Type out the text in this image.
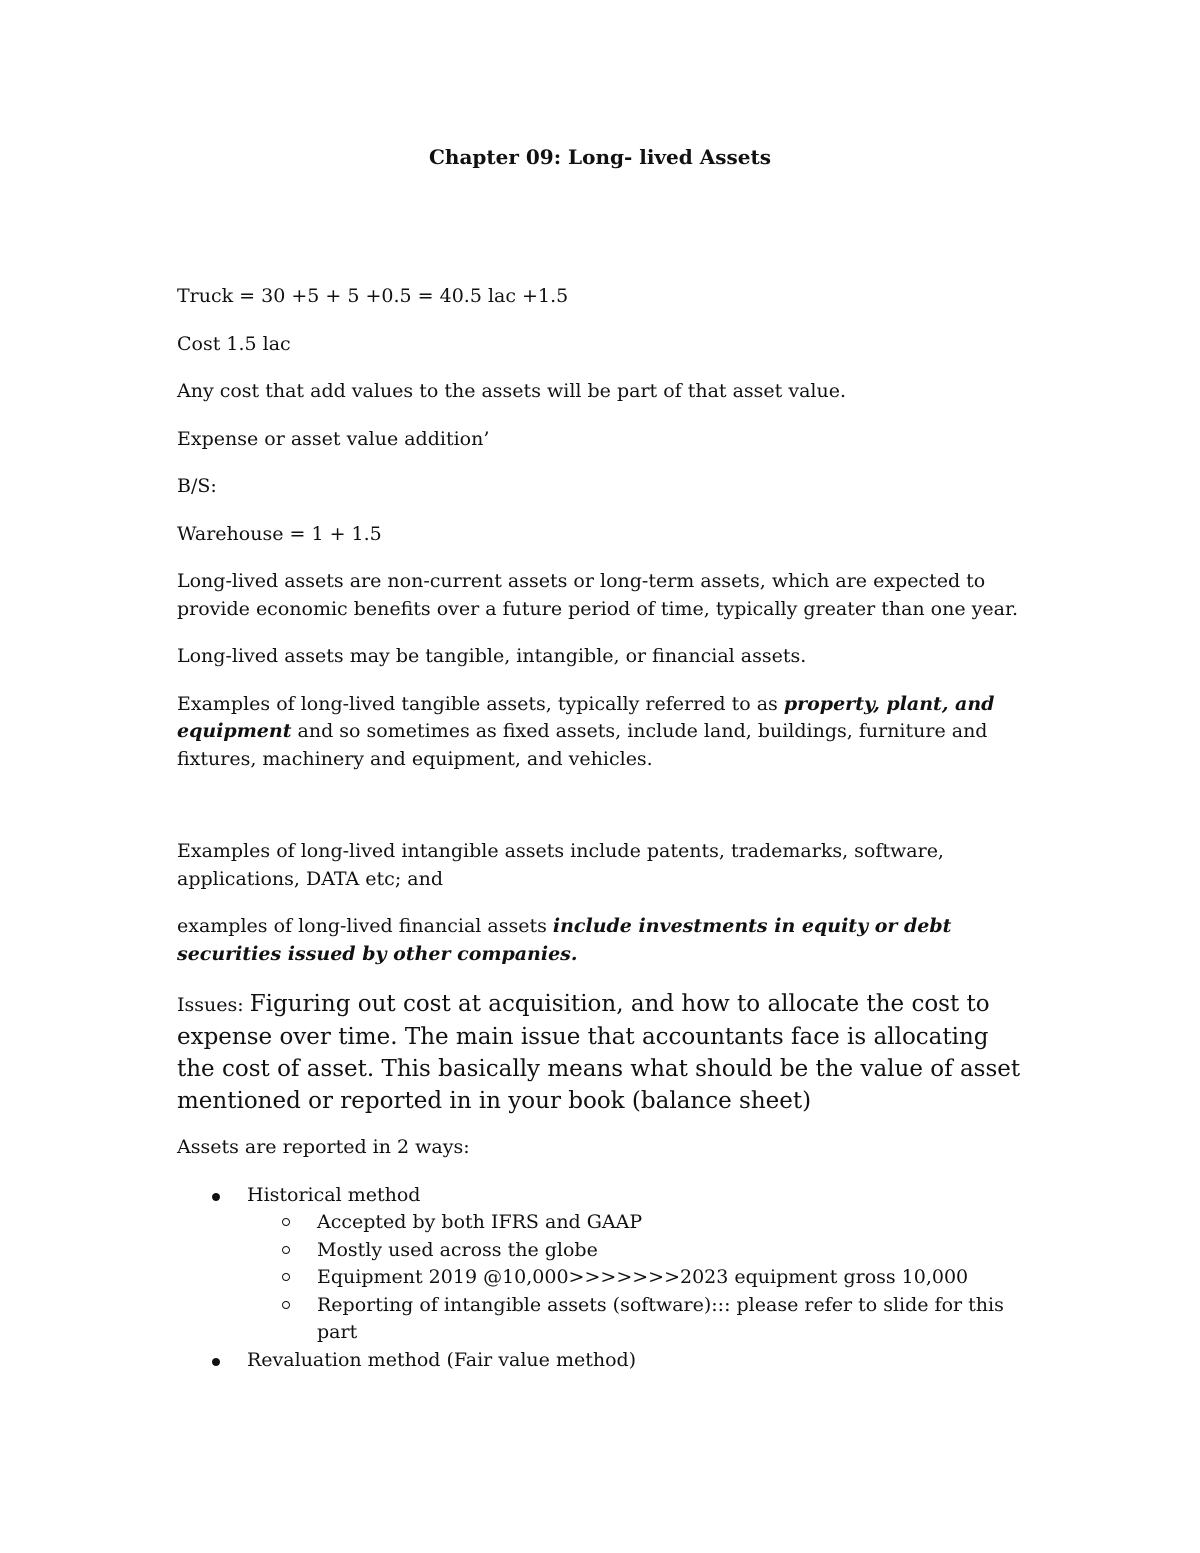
Chapter 09: Long- lived Assets

Truck = 30 +5 + 5 +0.5 = 40.5 lac +1.5

Cost 1.5 lac

Any cost that add values to the assets will be part of that asset value.

Expense or asset value addition’

B/S:

Warehouse = 1 + 1.5

Long-lived assets are non-current assets or long-term assets, which are expected to provide economic benefits over a future period of time, typically greater than one year.

Long-lived assets may be tangible, intangible, or financial assets.

Examples of long-lived tangible assets, typically referred to as property, plant, and equipment and so sometimes as fixed assets, include land, buildings, furniture and fixtures, machinery and equipment, and vehicles.

Examples of long-lived intangible assets include patents, trademarks, software, applications, DATA etc; and

examples of long-lived financial assets include investments in equity or debt securities issued by other companies.

Issues: Figuring out cost at acquisition, and how to allocate the cost to expense over time. The main issue that accountants face is allocating the cost of asset. This basically means what should be the value of asset mentioned or reported in in your book (balance sheet)

Assets are reported in 2 ways:

Historical method
Accepted by both IFRS and GAAP
Mostly used across the globe
Equipment 2019 @10,000>>>>>>>2023 equipment gross 10,000
Reporting of intangible assets (software)::: please refer to slide for this part
Revaluation method (Fair value method)
